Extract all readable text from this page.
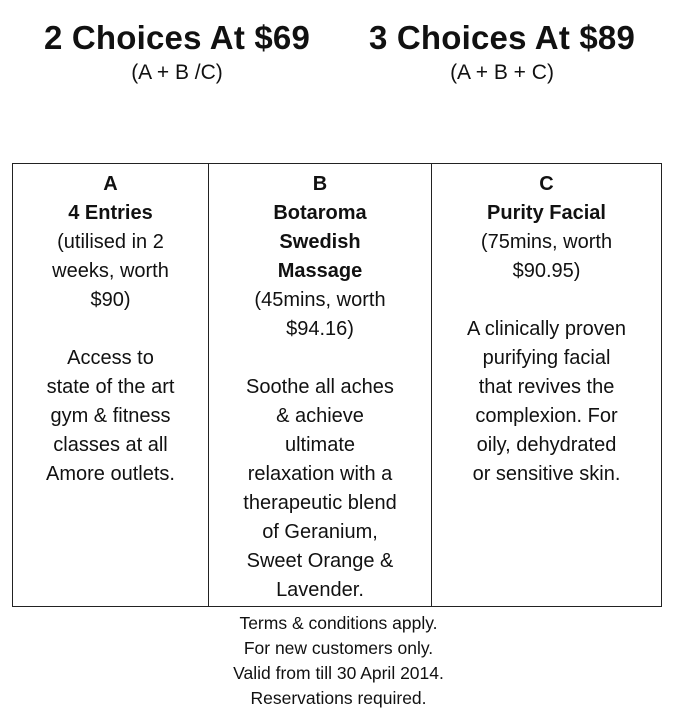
2 Choices At $69
(A + B /C)
3 Choices At $89
(A + B + C)
A
4 Entries
(utilised in 2
weeks, worth
$90)
Access to
state of the art
gym & fitness
classes at all
Amore outlets.
B
Botaroma
Swedish
Massage
(45mins, worth
$94.16)
Soothe all aches
& achieve
ultimate
relaxation with a
therapeutic blend
of Geranium,
Sweet Orange &
Lavender.
C
Purity Facial
(75mins, worth
$90.95)
A clinically proven
purifying facial
that revives the
complexion. For
oily, dehydrated
or sensitive skin.
Terms & conditions apply.
For new customers only.
Valid from till 30 April 2014.
Reservations required.
